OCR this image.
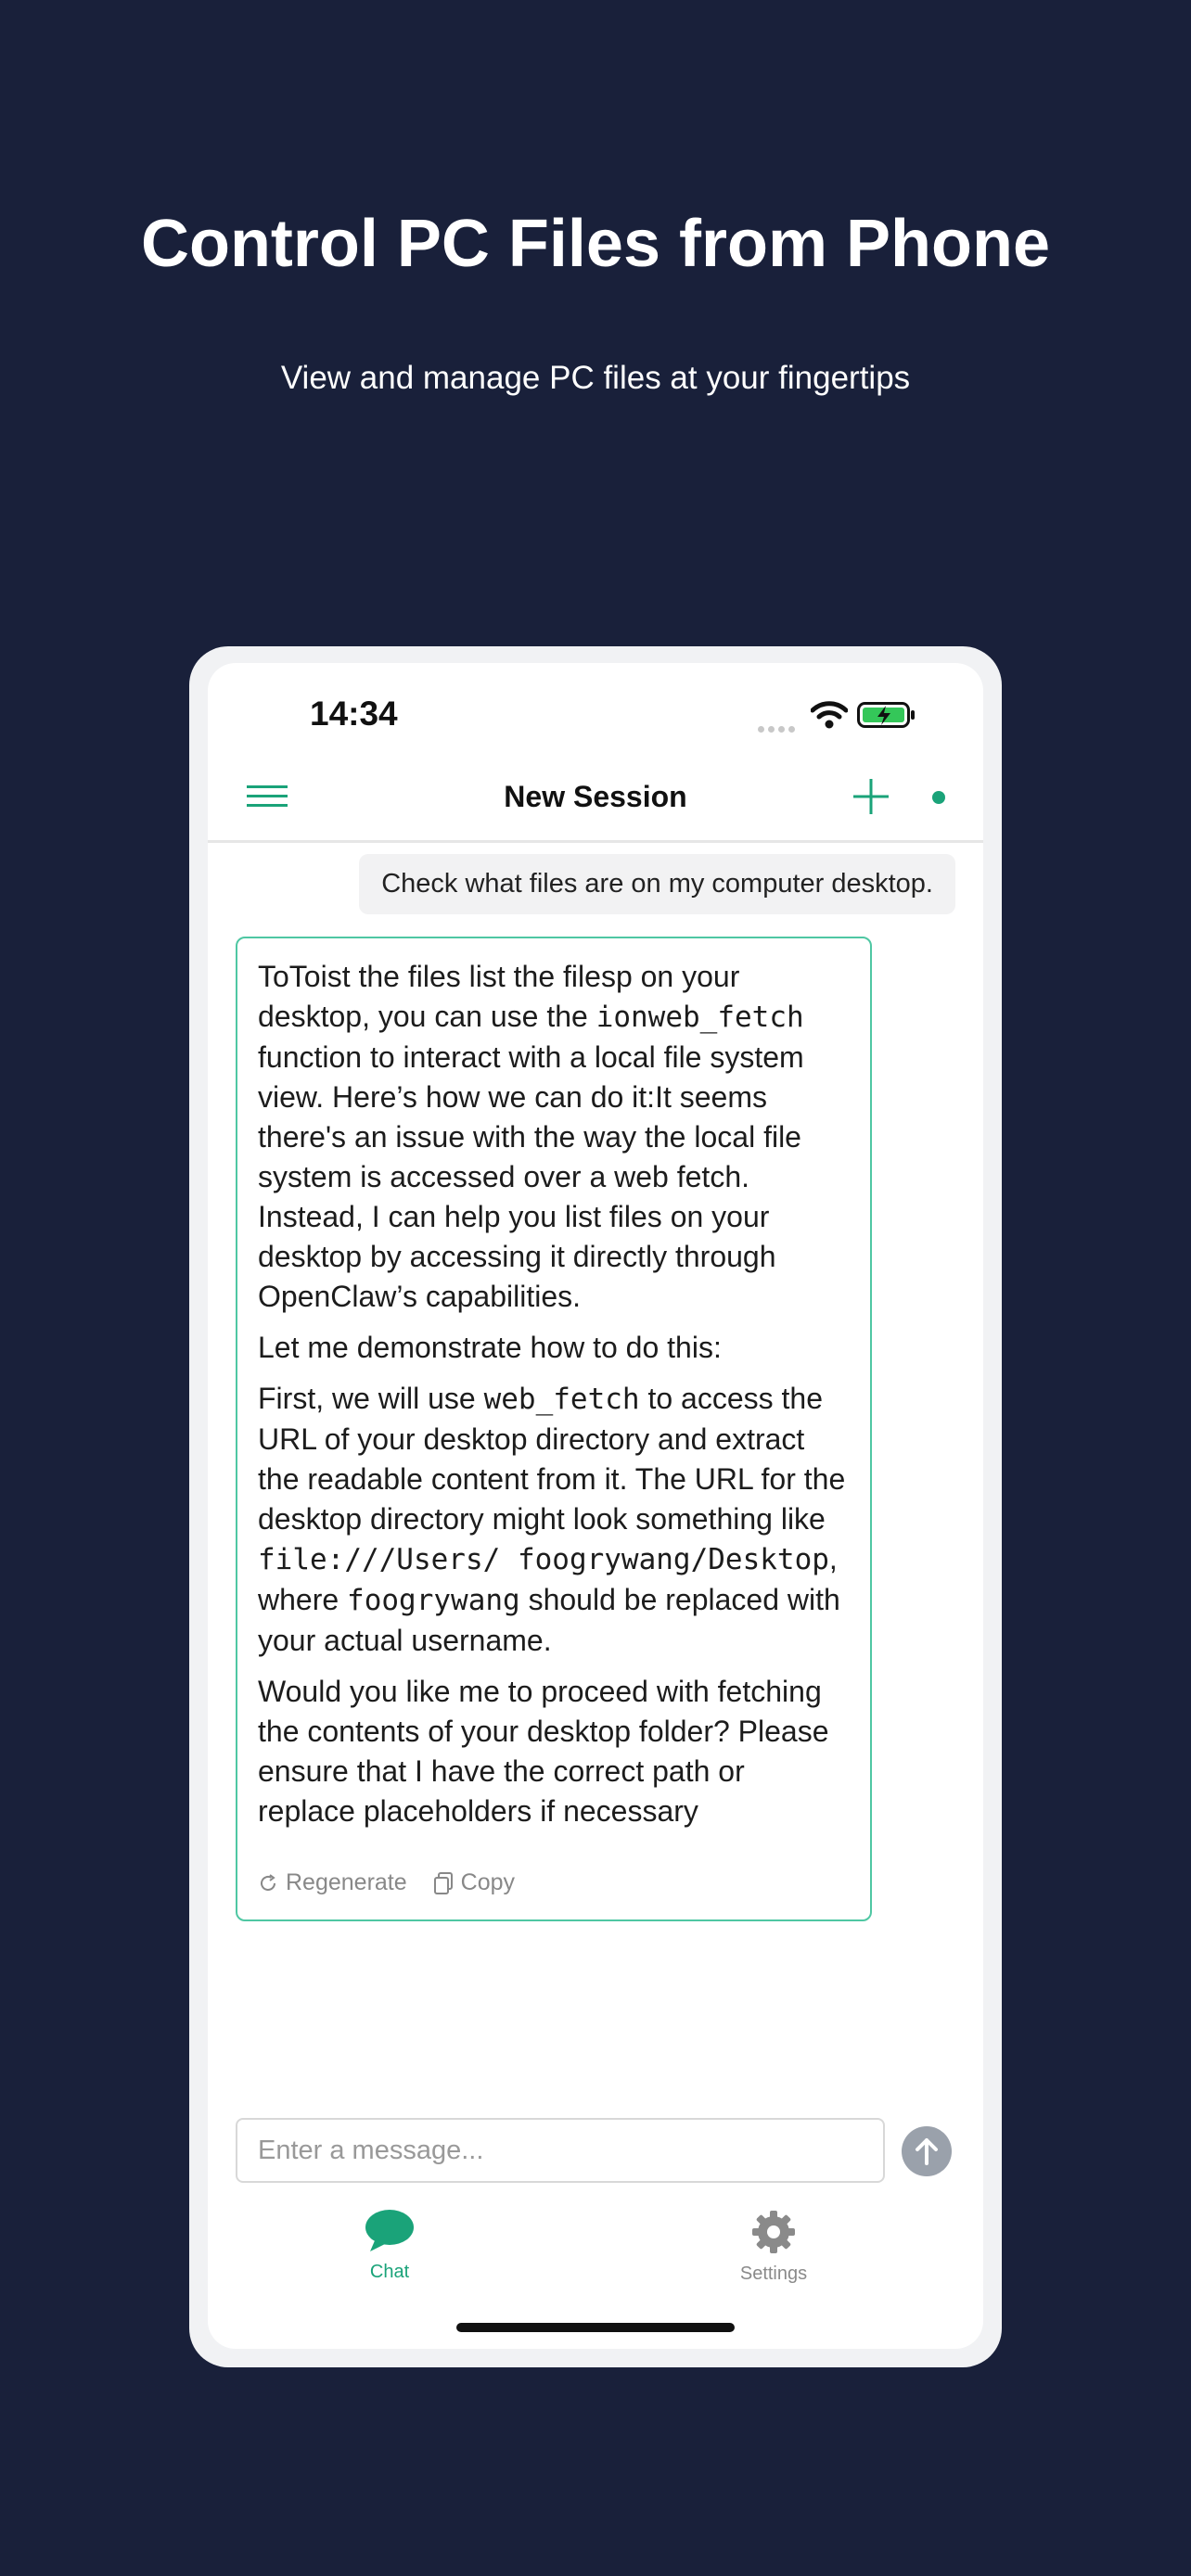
Control PC Files from Phone
View and manage PC files at your fingertips
14:34
New Session
Check what files are on my computer desktop.

ToToist the files list the filesp on your desktop, you can use the ionweb_fetch function to interact with a local file system view. Here’s how we can do it:It seems there's an issue with the way the local file system is accessed over a web fetch. Instead, I can help you list files on your desktop by accessing it directly through OpenClaw’s capabilities.

Let me demonstrate how to do this:

First, we will use web_fetch to access the URL of your desktop directory and extract the readable content from it. The URL for the desktop directory might look something like file:///Users/ foogrywang/Desktop, where foogrywang should be replaced with your actual username.

Would you like me to proceed with fetching the contents of your desktop folder? Please ensure that I have the correct path or replace placeholders if necessary

Regenerate Copy
Enter a message...
Chat	Settings
